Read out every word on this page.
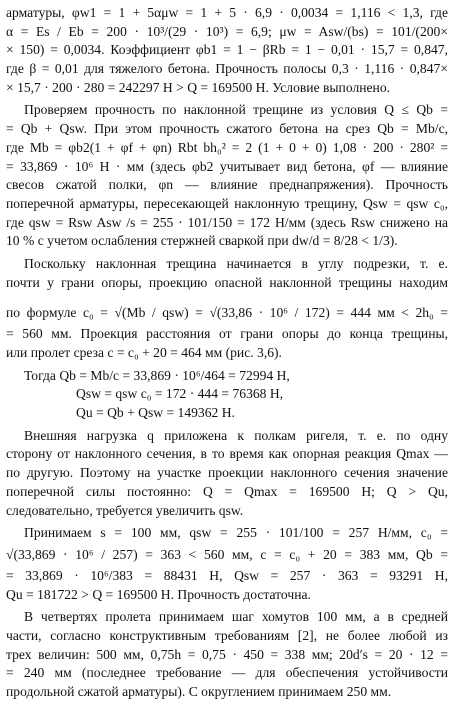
арматуры, φw1 = 1 + 5αμw = 1 + 5 · 6,9 · 0,0034 = 1,116 < 1,3, где
α = Es / Eb = 200 · 10³/(29 · 10³) = 6,9; μw = Asw/(bs) = 101/(200×
× 150) = 0,0034. Коэффициент φb1 = 1 − βRb = 1 − 0,01 · 15,7 = 0,847,
где β = 0,01 для тяжелого бетона. Прочность полосы 0,3 · 1,116 · 0,847×
× 15,7 · 200 · 280 = 242297 Н > Q = 169500 Н. Условие выполнено.
Проверяем прочность по наклонной трещине из условия Q ≤ Qb =
= Qb + Qsw. При этом прочность сжатого бетона на срез Qb = Mb/c,
где Mb = φb2(1 + φf + φn) Rbt bh₀² = 2 (1 + 0 + 0) 1,08 · 200 · 280² =
= 33,869 · 10⁶ Н · мм (здесь φb2 учитывает вид бетона, φf — влияние
свесов сжатой полки, φn — влияние преднапряжения). Прочность
поперечной арматуры, пересекающей наклонную трещину, Qsw = qsw c₀,
где qsw = Rsw Asw /s = 255 · 101/150 = 172 Н/мм (здесь Rsw снижено на
10 % с учетом ослабления стержней сваркой при dw/d = 8/28 < 1/3).
Поскольку наклонная трещина начинается в углу подрезки, т. е.
почти у грани опоры, проекцию опасной наклонной трещины находим
по формуле c₀ = √(Mb / qsw) = √(33,86 · 10⁶ / 172) = 444 мм < 2h₀ =
= 560 мм. Проекция расстояния от грани опоры до конца трещины,
или пролет среза c = c₀ + 20 = 464 мм (рис. 3,6).
Тогда Qb = Mb/c = 33,869 · 10⁶/464 = 72994 Н,
Qsw = qsw c₀ = 172 · 444 = 76368 Н,
Qu = Qb + Qsw = 149362 Н.
Внешняя нагрузка q приложена к полкам ригеля, т. е. по одну
сторону от наклонного сечения, в то время как опорная реакция Qmax —
по другую. Поэтому на участке проекции наклонного сечения значение
поперечной силы постоянно: Q = Qmax = 169500 Н; Q > Qu,
следовательно, требуется увеличить qsw.
Принимаем s = 100 мм, qsw = 255 · 101/100 = 257 Н/мм, c₀ =
√(33,869 · 10⁶ / 257) = 363 < 560 мм, c = c₀ + 20 = 383 мм, Qb =
= 33,869 · 10⁶/383 = 88431 Н, Qsw = 257 · 363 = 93291 Н,
Qu = 181722 > Q = 169500 Н. Прочность достаточна.
В четвертях пролета принимаем шаг хомутов 100 мм, а в средней
части, согласно конструктивным требованиям [2], не более любой из
трех величин: 500 мм, 0,75h = 0,75 · 450 = 338 мм; 20d′s = 20 · 12 =
= 240 мм (последнее требование — для обеспечения устойчивости
продольной сжатой арматуры). С округлением принимаем 250 мм.
